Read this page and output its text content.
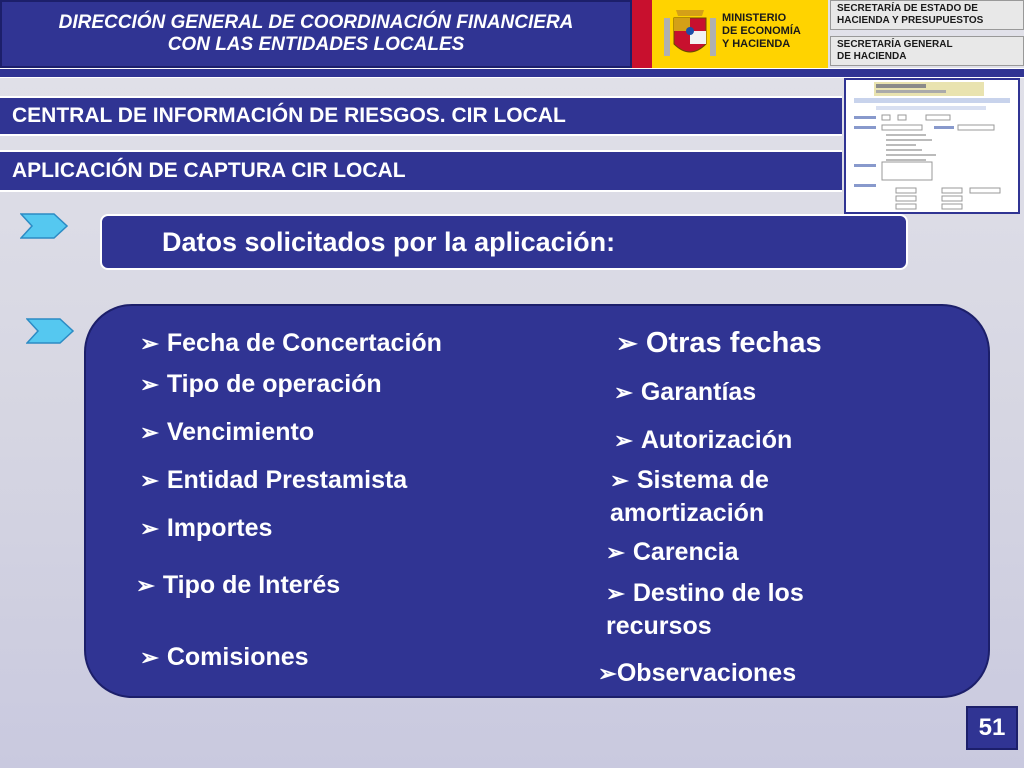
DIRECCIÓN GENERAL DE COORDINACIÓN FINANCIERA
CON LAS ENTIDADES LOCALES
MINISTERIO
DE ECONOMÍA
Y HACIENDA
SECRETARÍA DE ESTADO DE
HACIENDA Y PRESUPUESTOS
SECRETARÍA GENERAL
DE HACIENDA
CENTRAL DE INFORMACIÓN DE RIESGOS. CIR LOCAL
APLICACIÓN DE CAPTURA CIR LOCAL
Datos solicitados por la aplicación:
➢ Fecha de Concertación
➢ Tipo de operación
➢ Vencimiento
➢ Entidad Prestamista
➢ Importes
➢ Tipo de Interés
➢ Comisiones
➢ Otras fechas
➢ Garantías
➢ Autorización
➢ Sistema de amortización
➢ Carencia
➢ Destino de los recursos
➢Observaciones
51
